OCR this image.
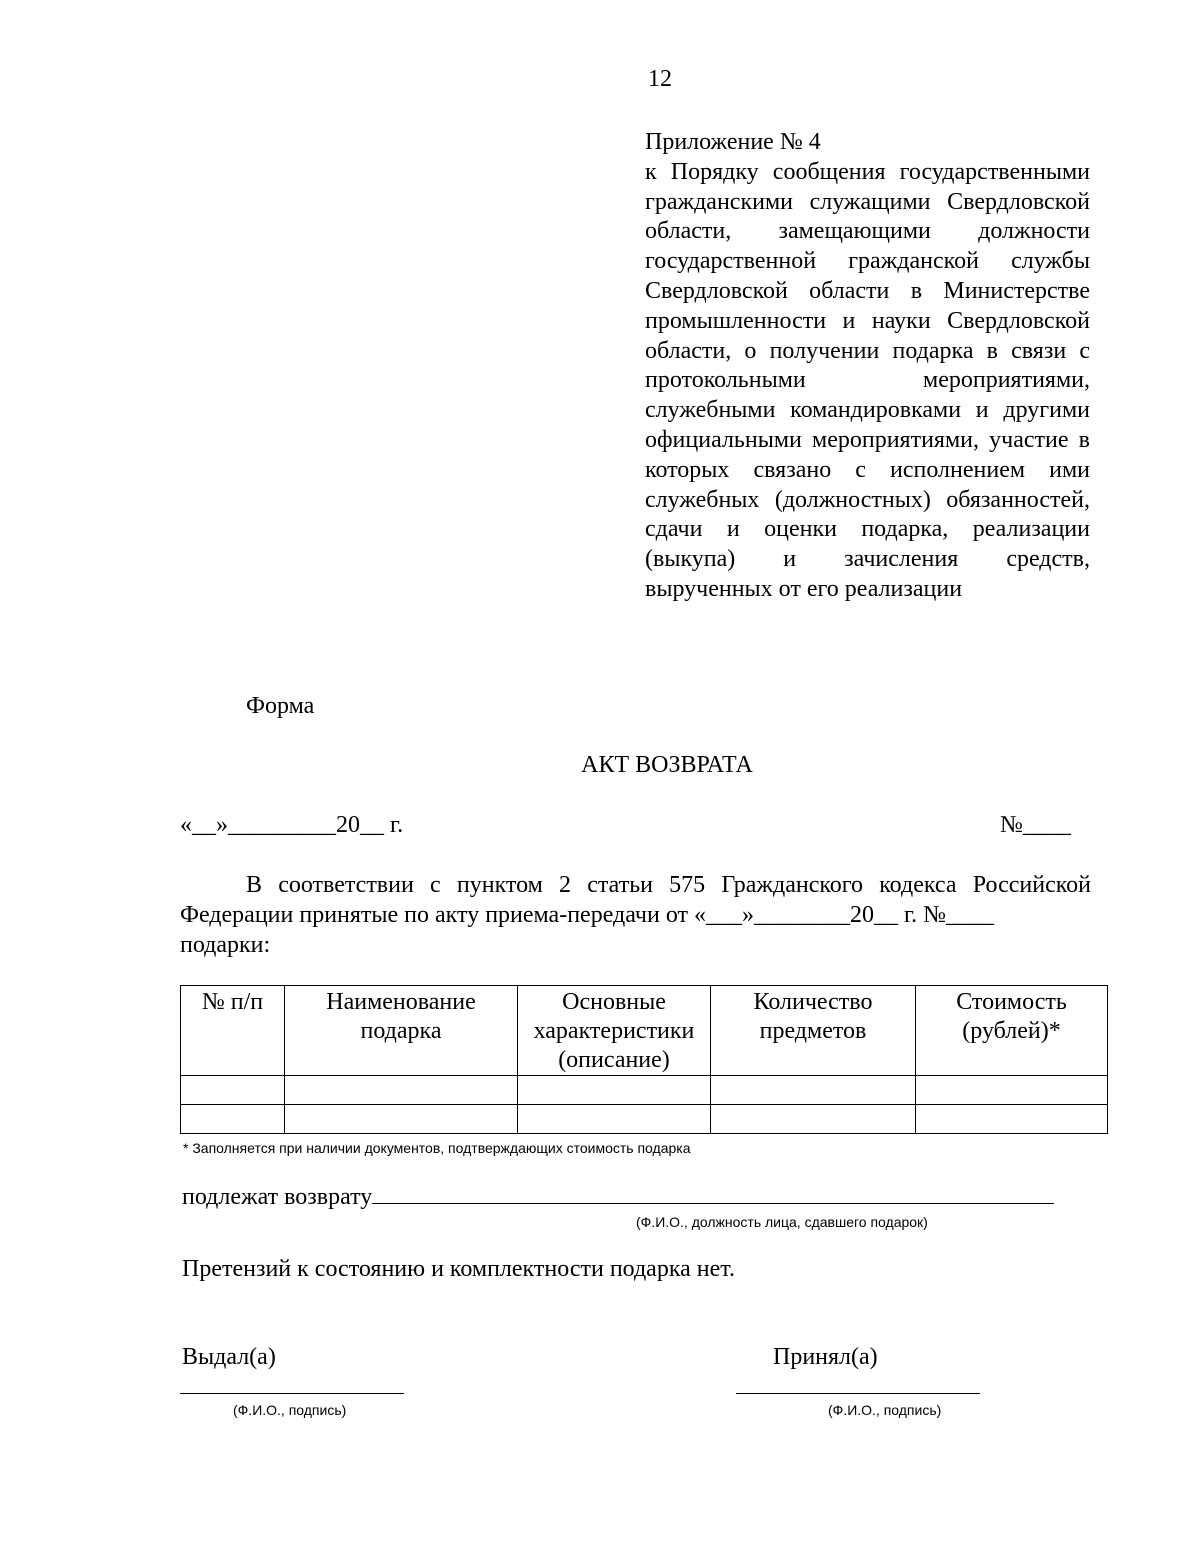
12
Приложение № 4
к Порядку сообщения государственными гражданскими служащими Свердловской области, замещающими должности государственной гражданской службы Свердловской области в Министерстве промышленности и науки Свердловской области, о получении подарка в связи с протокольными мероприятиями, служебными командировками и другими официальными мероприятиями, участие в которых связано с исполнением ими служебных (должностных) обязанностей, сдачи и оценки подарка, реализации (выкупа) и зачисления средств, вырученных от его реализации
Форма
АКТ ВОЗВРАТА
«__»_________20__ г.	№____
В соответствии с пунктом 2 статьи 575 Гражданского кодекса Российской
Федерации принятые по акту приема-передачи от «___»________20__ г. №____
подарки:
№ п/п	Наименование подарка	Основные характеристики (описание)	Количество предметов	Стоимость (рублей)*

* Заполняется при наличии документов, подтверждающих стоимость подарка
подлежат возврату
(Ф.И.О., должность лица, сдавшего подарок)
Претензий к состоянию и комплектности подарка нет.
Выдал(а)	Принял(а)
(Ф.И.О., подпись)	(Ф.И.О., подпись)
